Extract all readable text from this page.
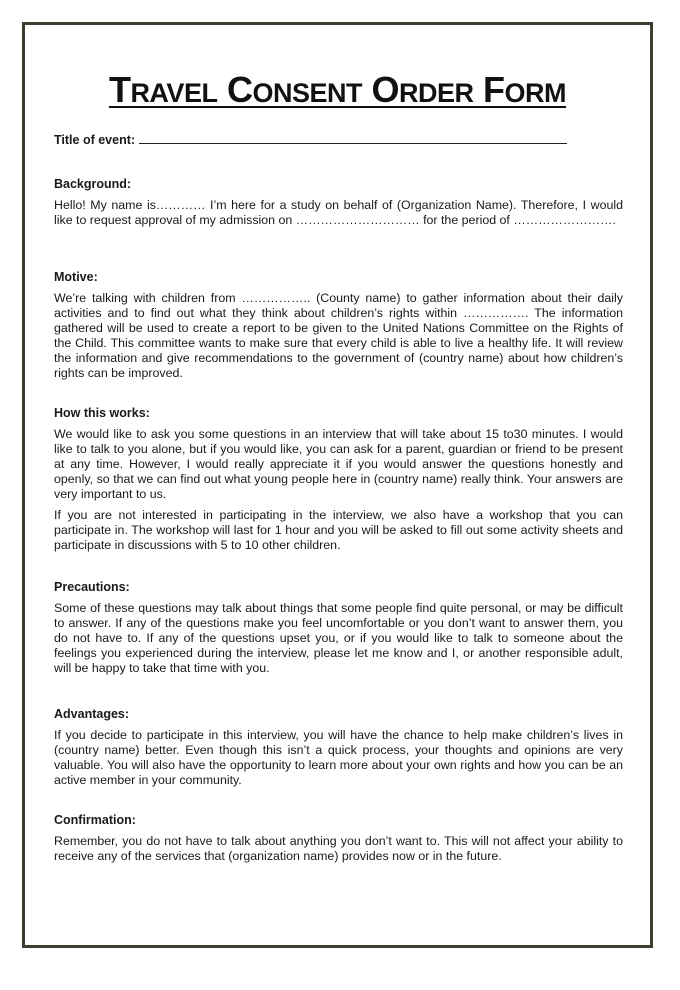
TRAVEL CONSENT ORDER FORM
Title of event:
Background:

Hello! My name is………… I’m here for a study on behalf of (Organization Name). Therefore, I would like to request approval of my admission on ………………………… for the period of …………………….

Motive:

We’re talking with children from …………….. (County name) to gather information about their daily activities and to find out what they think about children’s rights within ……………. The information gathered will be used to create a report to be given to the United Nations Committee on the Rights of the Child. This committee wants to make sure that every child is able to live a healthy life. It will review the information and give recommendations to the government of (country name) about how children’s rights can be improved.

How this works:

We would like to ask you some questions in an interview that will take about 15 to30 minutes. I would like to talk to you alone, but if you would like, you can ask for a parent, guardian or friend to be present at any time. However, I would really appreciate it if you would answer the questions honestly and openly, so that we can find out what young people here in (country name) really think. Your answers are very important to us.

If you are not interested in participating in the interview, we also have a workshop that you can participate in. The workshop will last for 1 hour and you will be asked to fill out some activity sheets and participate in discussions with 5 to 10 other children.

Precautions:

Some of these questions may talk about things that some people find quite personal, or may be difficult to answer. If any of the questions make you feel uncomfortable or you don’t want to answer them, you do not have to. If any of the questions upset you, or if you would like to talk to someone about the feelings you experienced during the interview, please let me know and I, or another responsible adult, will be happy to take that time with you.

Advantages:

If you decide to participate in this interview, you will have the chance to help make children’s lives in (country name) better. Even though this isn’t a quick process, your thoughts and opinions are very valuable. You will also have the opportunity to learn more about your own rights and how you can be an active member in your community.

Confirmation:

Remember, you do not have to talk about anything you don’t want to. This will not affect your ability to receive any of the services that (organization name) provides now or in the future.
